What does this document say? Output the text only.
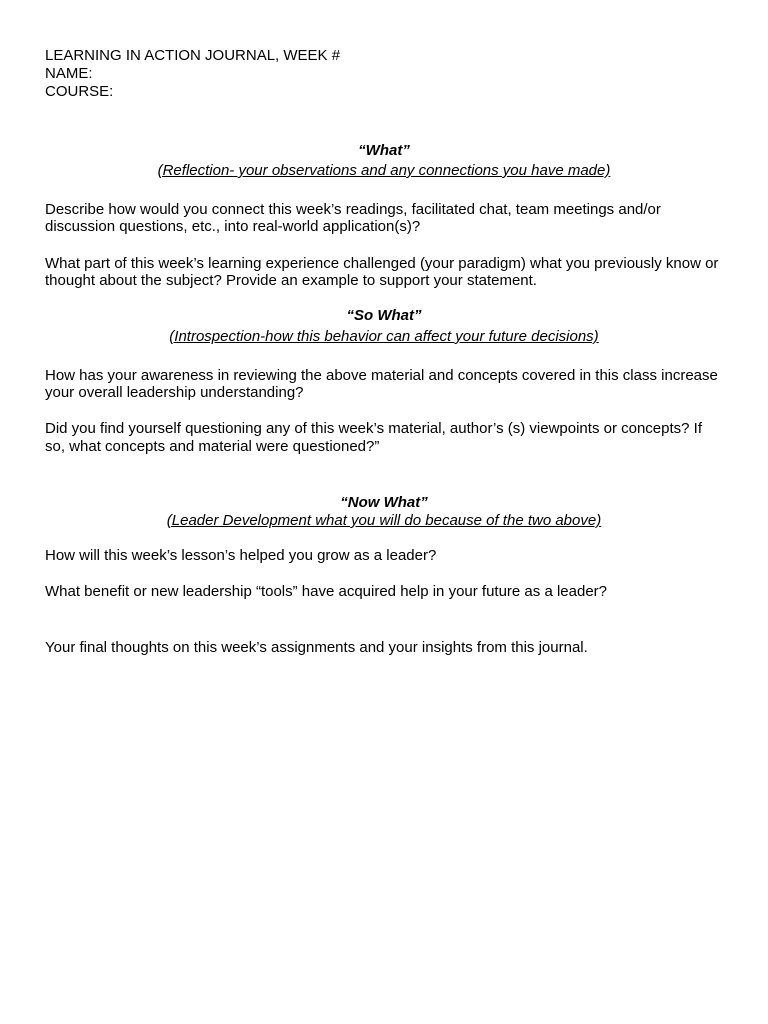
LEARNING IN ACTION JOURNAL, WEEK #
NAME:
COURSE:
“What”
(Reflection- your observations and any connections you have made)
Describe how would you connect this week’s readings, facilitated chat, team meetings and/or
discussion questions, etc., into real-world application(s)?
What part of this week’s learning experience challenged (your paradigm) what you previously know or
thought about the subject? Provide an example to support your statement.
“So What”
(Introspection-how this behavior can affect your future decisions)
How has your awareness in reviewing the above material and concepts covered in this class increase
your overall leadership understanding?
Did you find yourself questioning any of this week’s material, author’s (s) viewpoints or concepts? If
so, what concepts and material were questioned?”
“Now What”
(Leader Development what you will do because of the two above)
How will this week’s lesson’s helped you grow as a leader?
What benefit or new leadership “tools” have acquired help in your future as a leader?
Your final thoughts on this week’s assignments and your insights from this journal.
